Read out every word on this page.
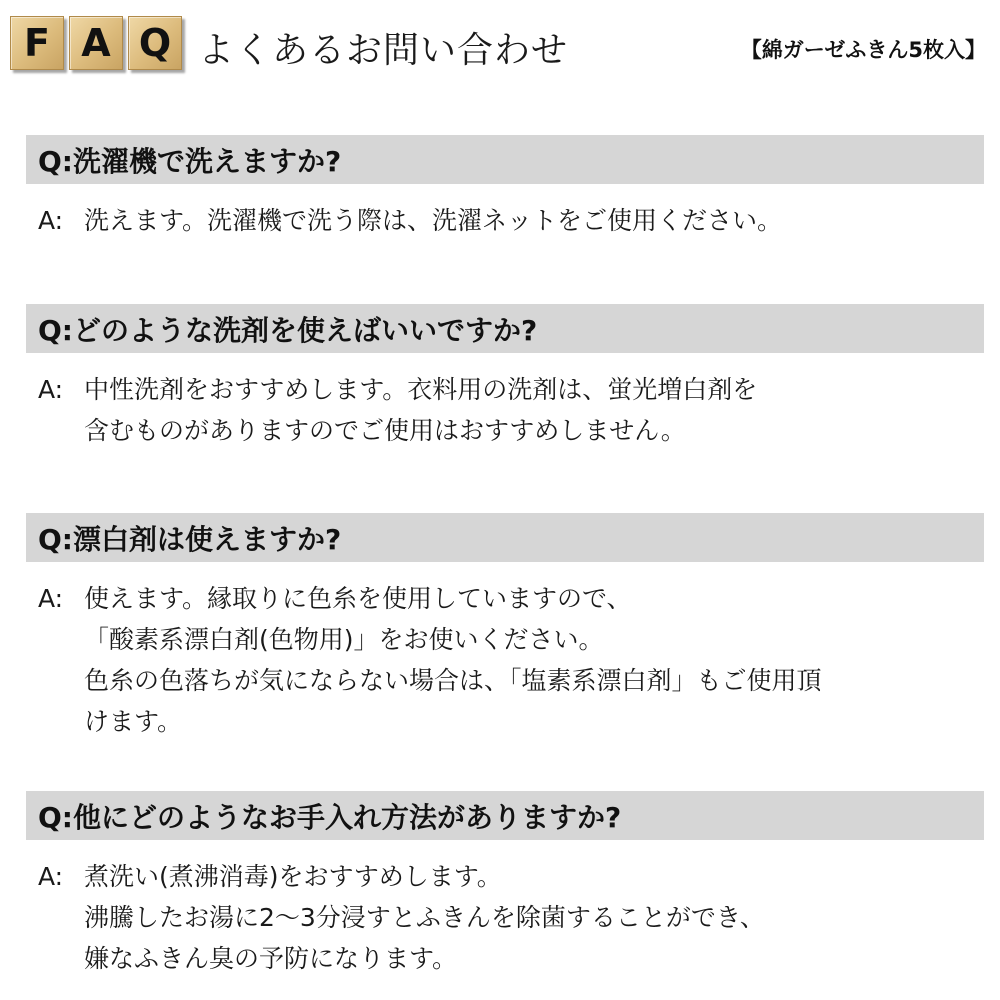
F A Q よくあるお問い合わせ	【綿ガーゼふきん5枚入】
Q:洗濯機で洗えますか?
A: 洗えます。洗濯機で洗う際は、洗濯ネットをご使用ください。
Q:どのような洗剤を使えばいいですか?
A: 中性洗剤をおすすめします。衣料用の洗剤は、蛍光増白剤を
含むものがありますのでご使用はおすすめしません。
Q:漂白剤は使えますか?
A: 使えます。縁取りに色糸を使用していますので、
「酸素系漂白剤(色物用)」をお使いください。
色糸の色落ちが気にならない場合は、「塩素系漂白剤」もご使用頂
けます。
Q:他にどのようなお手入れ方法がありますか?
A: 煮洗い(煮沸消毒)をおすすめします。
沸騰したお湯に2〜3分浸すとふきんを除菌することができ、
嫌なふきん臭の予防になります。
